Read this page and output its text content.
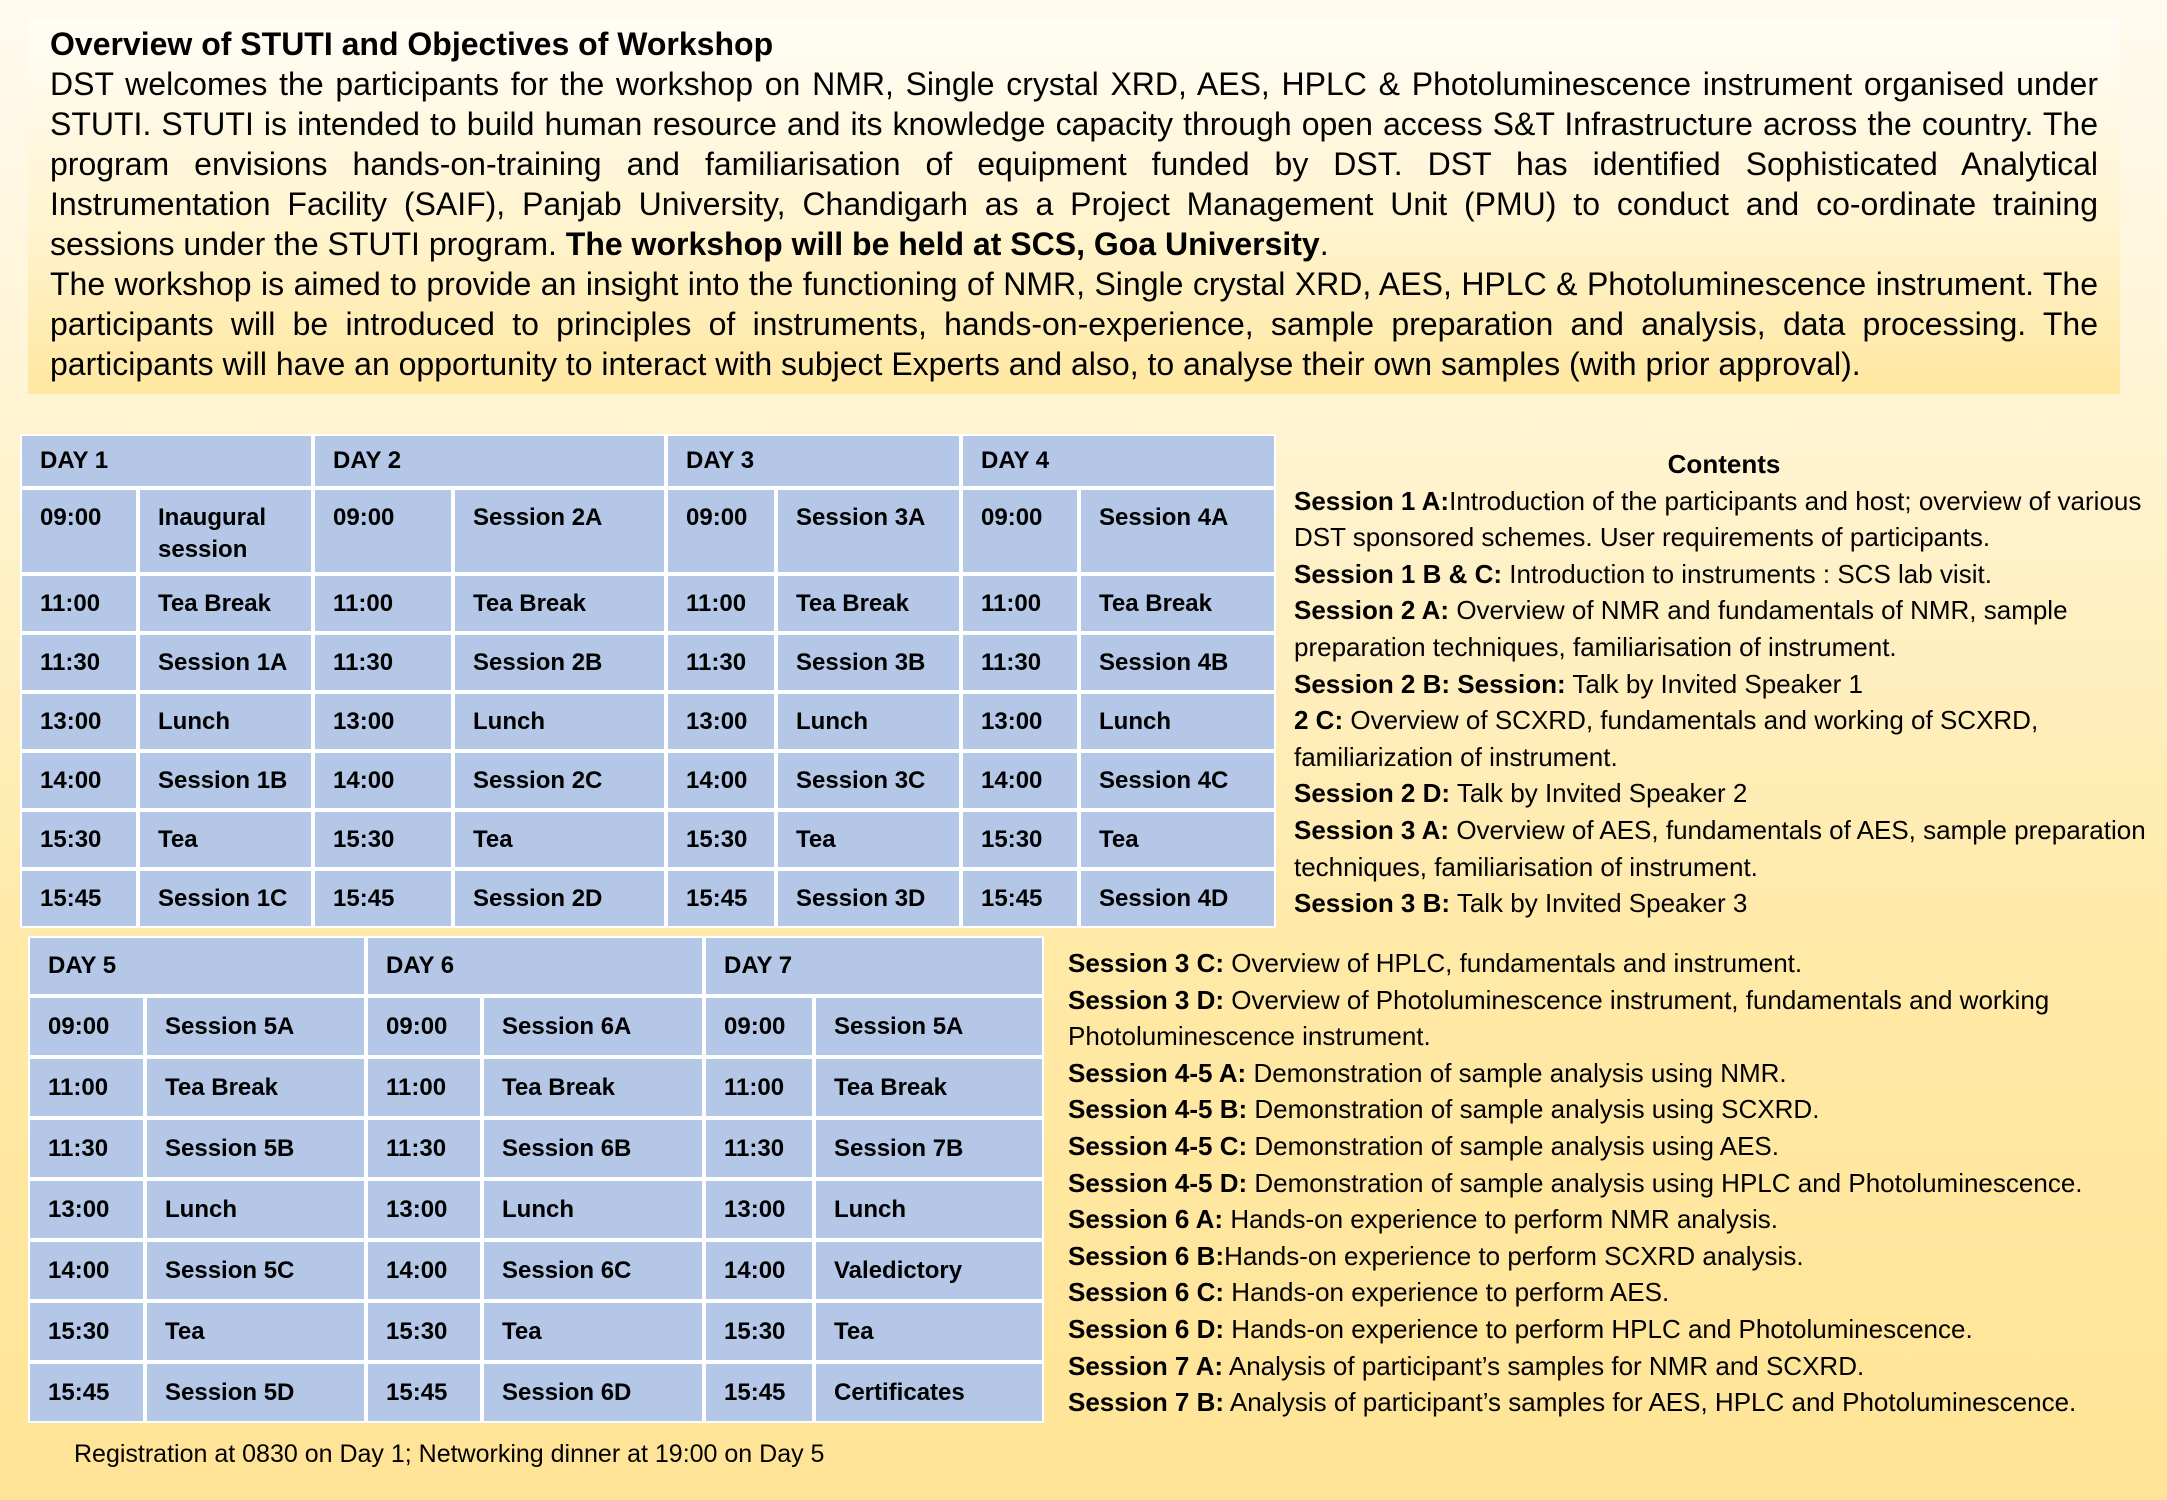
Overview of STUTI and Objectives of Workshop
DST welcomes the participants for the workshop on NMR, Single crystal XRD, AES, HPLC & Photoluminescence instrument organised under STUTI. STUTI is intended to build human resource and its knowledge capacity through open access S&T Infrastructure across the country. The program envisions hands-on-training and familiarisation of equipment funded by DST. DST has identified Sophisticated Analytical Instrumentation Facility (SAIF), Panjab University, Chandigarh as a Project Management Unit (PMU) to conduct and co-ordinate training sessions under the STUTI program. The workshop will be held at SCS, Goa University.
The workshop is aimed to provide an insight into the functioning of NMR, Single crystal XRD, AES, HPLC & Photoluminescence instrument. The participants will be introduced to principles of instruments, hands-on-experience, sample preparation and analysis, data processing. The participants will have an opportunity to interact with subject Experts and also, to analyse their own samples (with prior approval).
DAY 1		DAY 2		DAY 3		DAY 4	
09:00	Inaugural session	09:00	Session 2A	09:00	Session 3A	09:00	Session 4A
11:00	Tea Break	11:00	Tea Break	11:00	Tea Break	11:00	Tea Break
11:30	Session 1A	11:30	Session 2B	11:30	Session 3B	11:30	Session 4B
13:00	Lunch	13:00	Lunch	13:00	Lunch	13:00	Lunch
14:00	Session 1B	14:00	Session 2C	14:00	Session 3C	14:00	Session 4C
15:30	Tea	15:30	Tea	15:30	Tea	15:30	Tea
15:45	Session 1C	15:45	Session 2D	15:45	Session 3D	15:45	Session 4D
Contents
Session 1 A:Introduction of the participants and host; overview of various DST sponsored schemes. User requirements of participants.
Session 1 B & C: Introduction to instruments : SCS lab visit.
Session 2 A: Overview of NMR and fundamentals of NMR, sample preparation techniques, familiarisation of instrument.
Session 2 B: Session: Talk by Invited Speaker 1
2 C: Overview of SCXRD, fundamentals and working of SCXRD, familiarization of instrument.
Session 2 D: Talk by Invited Speaker 2
Session 3 A: Overview of AES, fundamentals of AES, sample preparation techniques, familiarisation of instrument.
Session 3 B: Talk by Invited Speaker 3
DAY 5		DAY 6		DAY 7	
09:00	Session 5A	09:00	Session 6A	09:00	Session 5A
11:00	Tea Break	11:00	Tea Break	11:00	Tea Break
11:30	Session 5B	11:30	Session 6B	11:30	Session 7B
13:00	Lunch	13:00	Lunch	13:00	Lunch
14:00	Session 5C	14:00	Session 6C	14:00	Valedictory
15:30	Tea	15:30	Tea	15:30	Tea
15:45	Session 5D	15:45	Session 6D	15:45	Certificates
Session 3 C: Overview of HPLC, fundamentals and instrument.
Session 3 D: Overview of Photoluminescence instrument, fundamentals and working Photoluminescence instrument.
Session 4-5 A: Demonstration of sample analysis using NMR.
Session 4-5 B: Demonstration of sample analysis using SCXRD.
Session 4-5 C: Demonstration of sample analysis using AES.
Session 4-5 D: Demonstration of sample analysis using HPLC and Photoluminescence.
Session 6 A: Hands-on experience to perform NMR analysis.
Session 6 B:Hands-on experience to perform SCXRD analysis.
Session 6 C: Hands-on experience to perform AES.
Session 6 D: Hands-on experience to perform HPLC and Photoluminescence.
Session 7 A: Analysis of participant’s samples for NMR and SCXRD.
Session 7 B: Analysis of participant’s samples for AES, HPLC and Photoluminescence.
Registration at 0830 on Day 1; Networking dinner at 19:00 on Day 5
